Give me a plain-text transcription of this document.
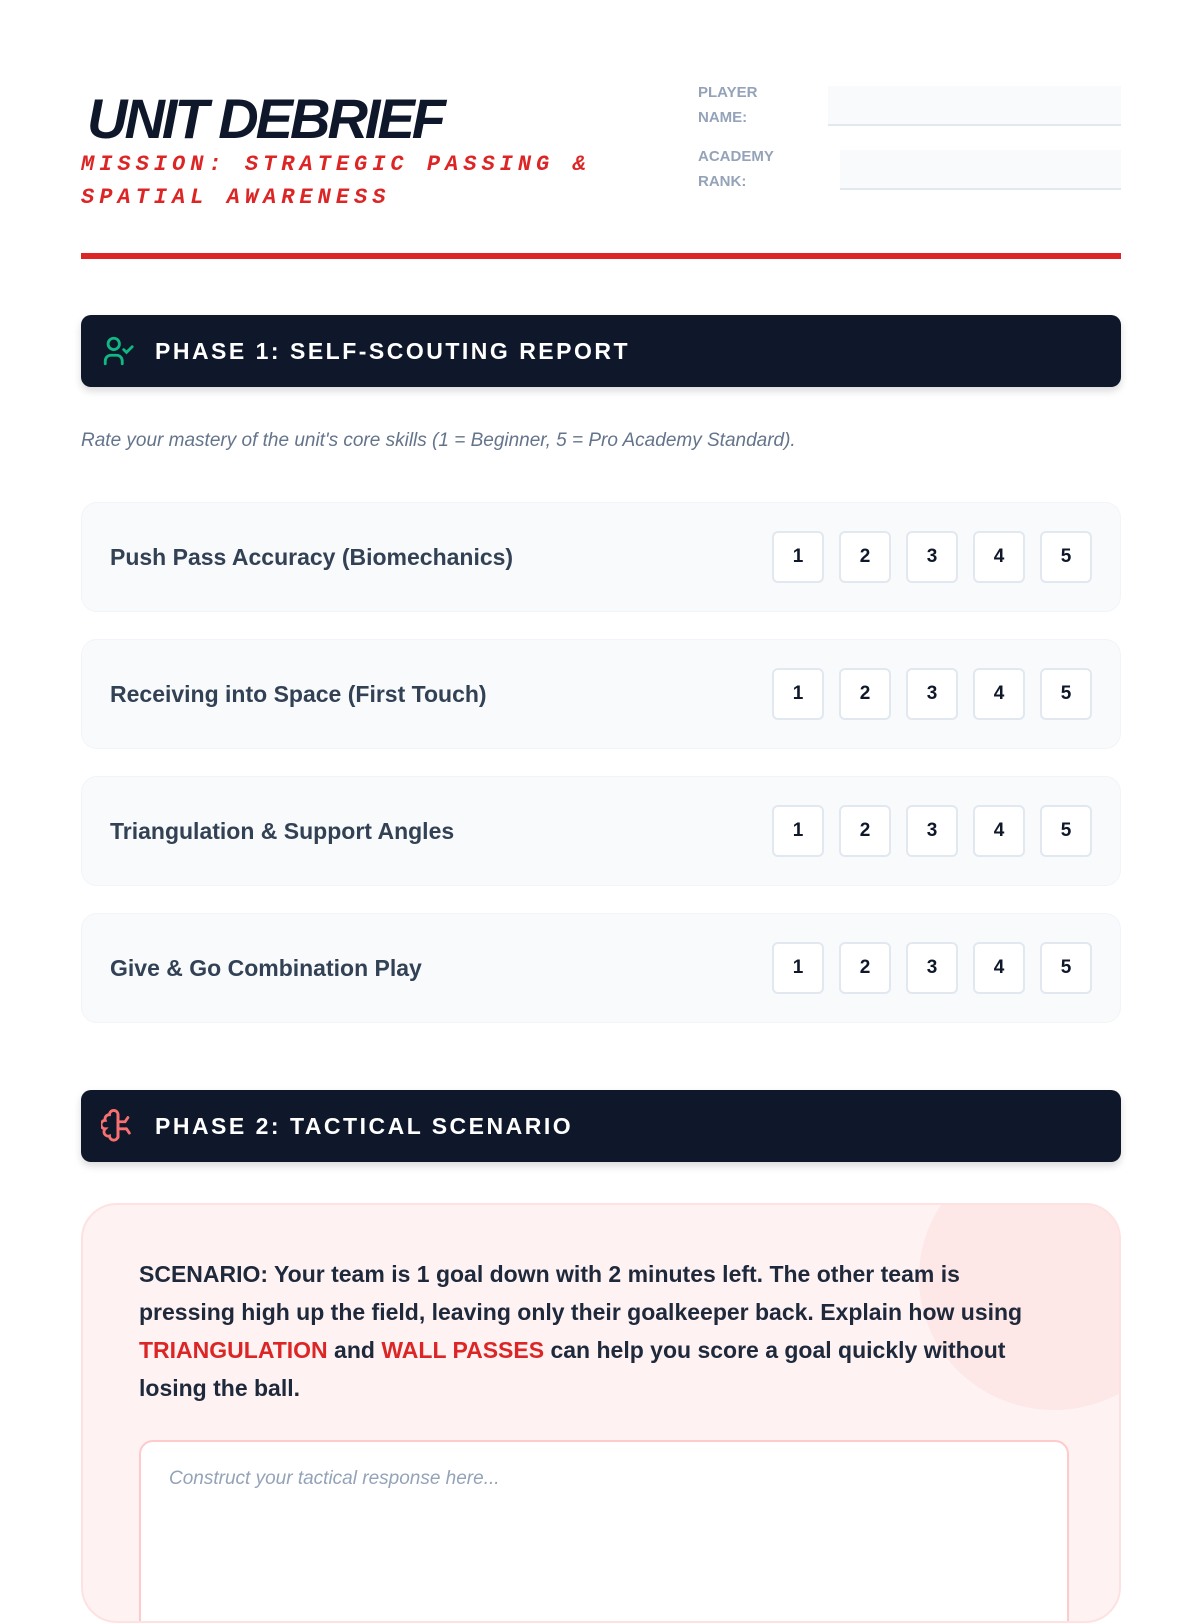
UNIT DEBRIEF
MISSION: STRATEGIC PASSING & SPATIAL AWARENESS
PLAYER NAME:
ACADEMY RANK:
PHASE 1: SELF-SCOUTING REPORT
Rate your mastery of the unit's core skills (1 = Beginner, 5 = Pro Academy Standard).
Push Pass Accuracy (Biomechanics)	1	2	3	4	5
Receiving into Space (First Touch)	1	2	3	4	5
Triangulation & Support Angles	1	2	3	4	5
Give & Go Combination Play	1	2	3	4	5
PHASE 2: TACTICAL SCENARIO
SCENARIO: Your team is 1 goal down with 2 minutes left. The other team is pressing high up the field, leaving only their goalkeeper back. Explain how using TRIANGULATION and WALL PASSES can help you score a goal quickly without losing the ball.
Construct your tactical response here...
